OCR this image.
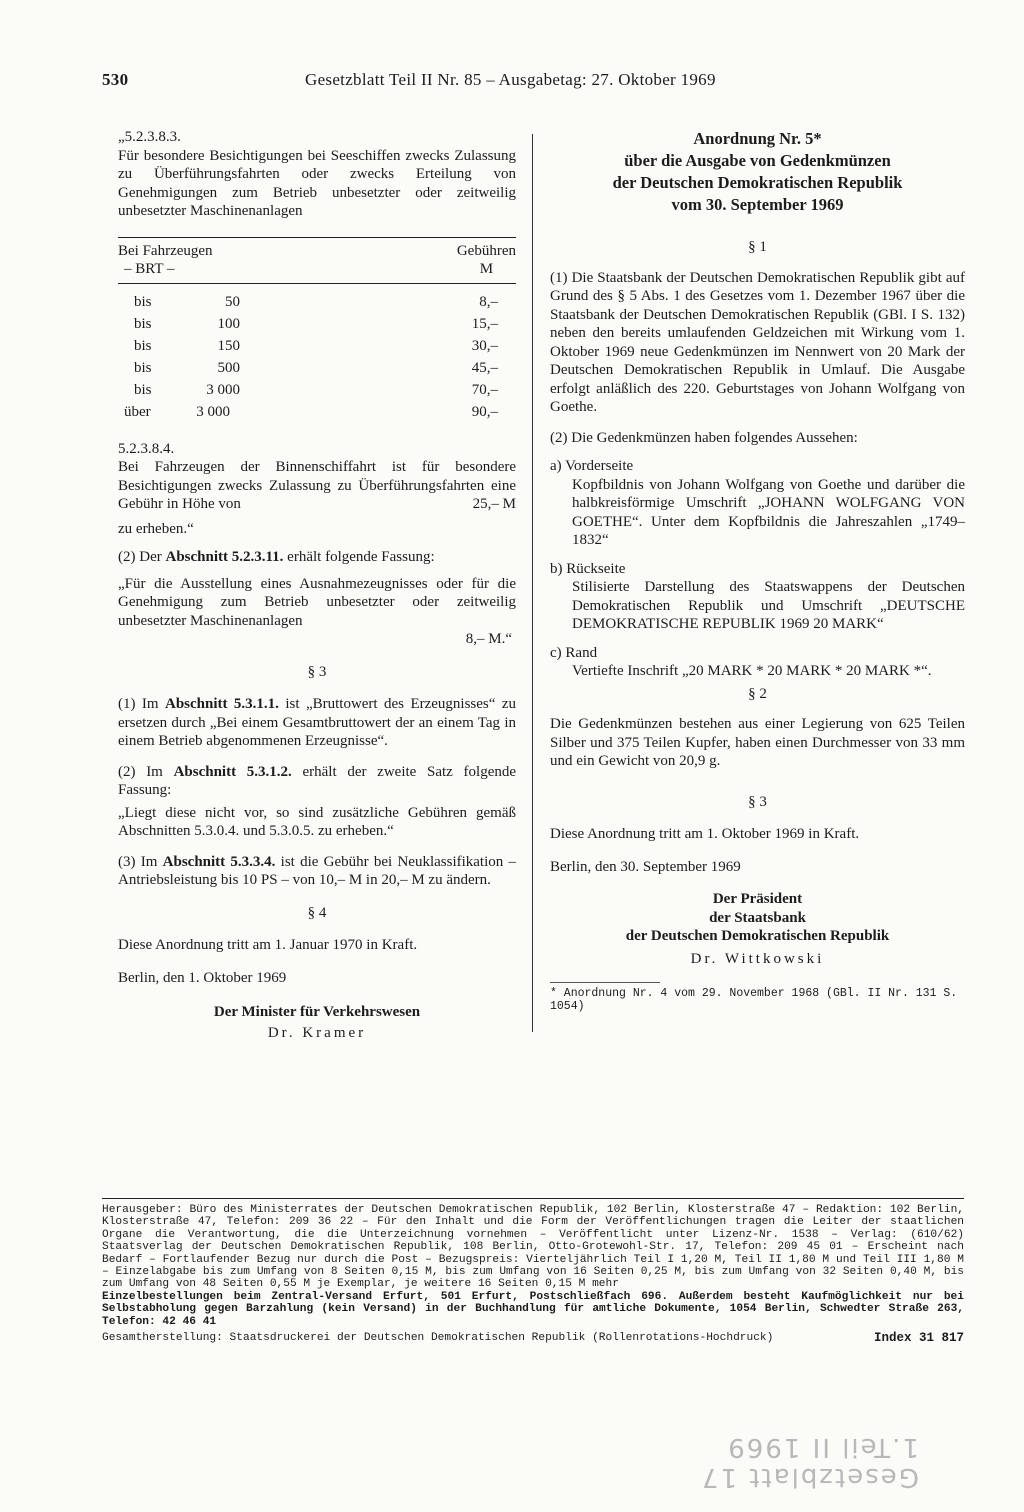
530	Gesetzblatt Teil II Nr. 85 – Ausgabetag: 27. Oktober 1969

„5.2.3.8.3.

Für besondere Besichtigungen bei Seeschiffen zwecks Zulassung zu Überführungsfahrten oder zwecks Erteilung von Genehmigungen zum Betrieb unbesetzter oder zeitweilig unbesetzter Maschinenanlagen

Bei Fahrzeugen
– BRT –
Gebühren
M
bis	50	8,–
bis	100	15,–
bis	150	30,–
bis	500	45,–
bis	3 000	70,–
über	3 000	90,–

5.2.3.8.4.

Bei Fahrzeugen der Binnenschiffahrt ist für besondere Besichtigungen zwecks Zulassung zu Überführungsfahrten eine Gebühr in Höhe von	25,– M

zu erheben.“

(2) Der Abschnitt 5.2.3.11. erhält folgende Fassung:

„Für die Ausstellung eines Ausnahmezeugnisses oder für die Genehmigung zum Betrieb unbesetzter oder zeitweilig unbesetzter Maschinenanlagen

8,– M.“

§ 3

(1) Im Abschnitt 5.3.1.1. ist „Bruttowert des Erzeugnisses“ zu ersetzen durch „Bei einem Gesamtbruttowert der an einem Tag in einem Betrieb abgenommenen Erzeugnisse“.

(2) Im Abschnitt 5.3.1.2. erhält der zweite Satz folgende Fassung:

„Liegt diese nicht vor, so sind zusätzliche Gebühren gemäß Abschnitten 5.3.0.4. und 5.3.0.5. zu erheben.“

(3) Im Abschnitt 5.3.3.4. ist die Gebühr bei Neuklassifikation – Antriebsleistung bis 10 PS – von 10,– M in 20,– M zu ändern.

§ 4

Diese Anordnung tritt am 1. Januar 1970 in Kraft.

Berlin, den 1. Oktober 1969

Der Minister für Verkehrswesen

Dr. Kramer

Anordnung Nr. 5*
über die Ausgabe von Gedenkmünzen
der Deutschen Demokratischen Republik
vom 30. September 1969

§ 1

(1) Die Staatsbank der Deutschen Demokratischen Republik gibt auf Grund des § 5 Abs. 1 des Gesetzes vom 1. Dezember 1967 über die Staatsbank der Deutschen Demokratischen Republik (GBl. I S. 132) neben den bereits umlaufenden Geldzeichen mit Wirkung vom 1. Oktober 1969 neue Gedenkmünzen im Nennwert von 20 Mark der Deutschen Demokratischen Republik in Umlauf. Die Ausgabe erfolgt anläßlich des 220. Geburtstages von Johann Wolfgang von Goethe.

(2) Die Gedenkmünzen haben folgendes Aussehen:

a) Vorderseite

Kopfbildnis von Johann Wolfgang von Goethe und darüber die halbkreisförmige Umschrift „JOHANN WOLFGANG VON GOETHE“. Unter dem Kopfbildnis die Jahreszahlen „1749–1832“

b) Rückseite

Stilisierte Darstellung des Staatswappens der Deutschen Demokratischen Republik und Umschrift „DEUTSCHE DEMOKRATISCHE REPUBLIK 1969 20 MARK“

c) Rand

Vertiefte Inschrift „20 MARK * 20 MARK * 20 MARK *“.

§ 2

Die Gedenkmünzen bestehen aus einer Legierung von 625 Teilen Silber und 375 Teilen Kupfer, haben einen Durchmesser von 33 mm und ein Gewicht von 20,9 g.

§ 3

Diese Anordnung tritt am 1. Oktober 1969 in Kraft.

Berlin, den 30. September 1969

Der Präsident
der Staatsbank
der Deutschen Demokratischen Republik

Dr. Wittkowski

* Anordnung Nr. 4 vom 29. November 1968 (GBl. II Nr. 131 S. 1054)

Herausgeber: Büro des Ministerrates der Deutschen Demokratischen Republik, 102 Berlin, Klosterstraße 47 – Redaktion: 102 Berlin, Klosterstraße 47, Telefon: 209 36 22 – Für den Inhalt und die Form der Veröffentlichungen tragen die Leiter der staatlichen Organe die Verantwortung, die die Unterzeichnung vornehmen – Veröffentlicht unter Lizenz-Nr. 1538 – Verlag: (610/62) Staatsverlag der Deutschen Demokratischen Republik, 108 Berlin, Otto-Grotewohl-Str. 17, Telefon: 209 45 01 – Erscheint nach Bedarf – Fortlaufender Bezug nur durch die Post – Bezugspreis: Vierteljährlich Teil I 1,20 M, Teil II 1,80 M und Teil III 1,80 M – Einzelabgabe bis zum Umfang von 8 Seiten 0,15 M, bis zum Umfang von 16 Seiten 0,25 M, bis zum Umfang von 32 Seiten 0,40 M, bis zum Umfang von 48 Seiten 0,55 M je Exemplar, je weitere 16 Seiten 0,15 M mehr

Einzelbestellungen beim Zentral-Versand Erfurt, 501 Erfurt, Postschließfach 696. Außerdem besteht Kaufmöglichkeit nur bei Selbstabholung gegen Barzahlung (kein Versand) in der Buchhandlung für amtliche Dokumente, 1054 Berlin, Schwedter Straße 263, Telefon: 42 46 41

Gesamtherstellung: Staatsdruckerei der Deutschen Demokratischen Republik (Rollenrotations-Hochdruck)	Index 31 817
Gesetzblatt 17
1.Teil II 1969
